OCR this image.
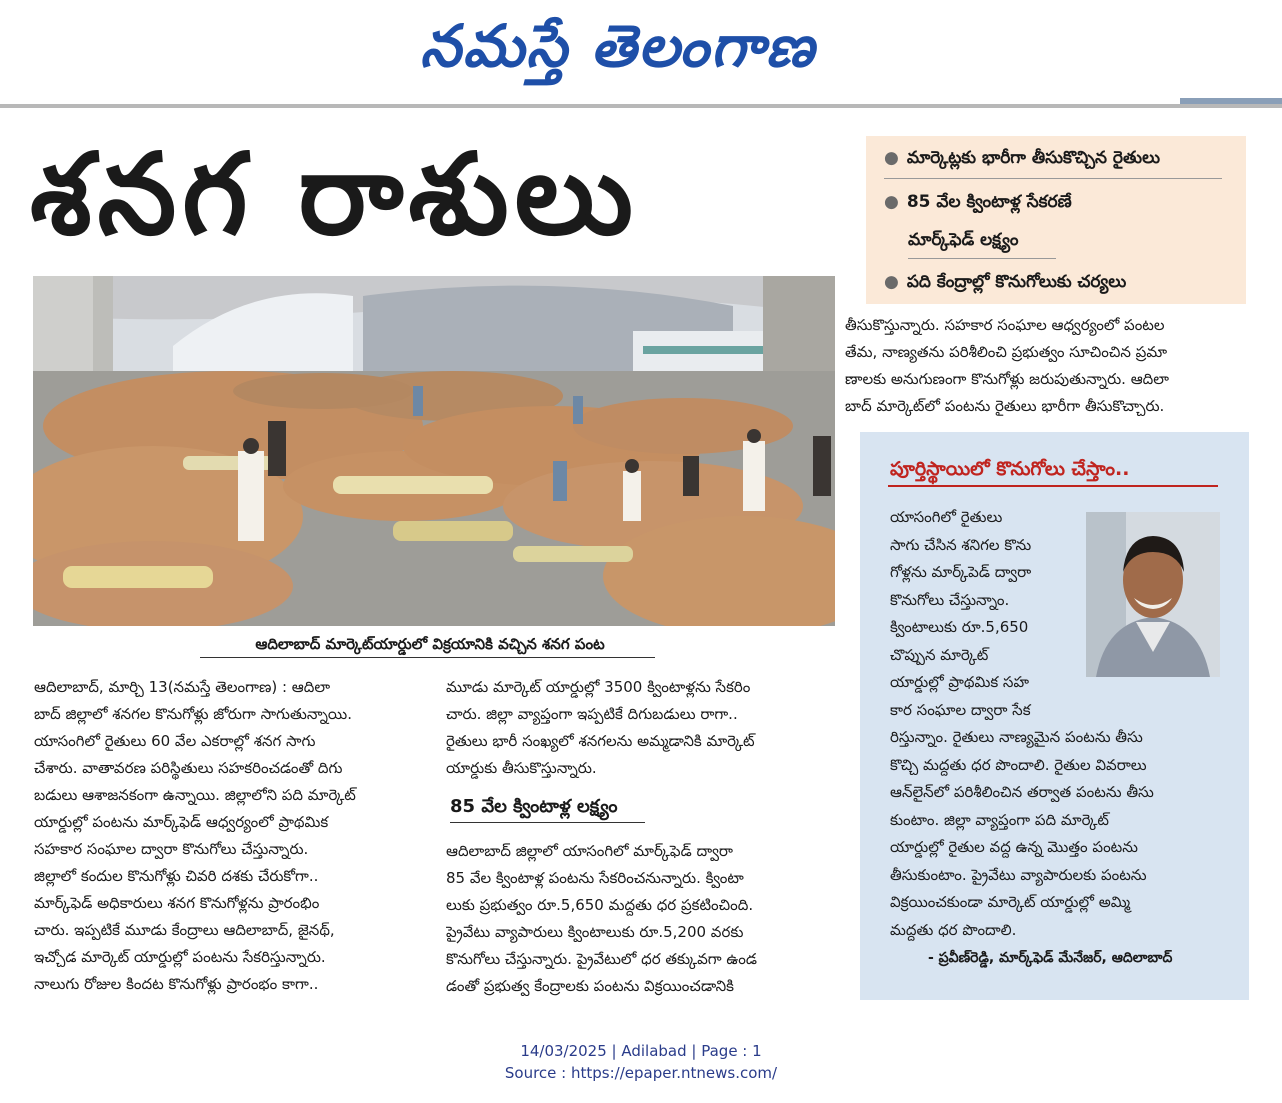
నమస్తే తెలంగాణ
శనగ రాశులు	● మార్కెట్లకు భారీగా తీసుకొచ్చిన రైతులు
● 85 వేల క్వింటాళ్ల సేకరణే
మార్క్‌ఫెడ్ లక్ష్యం
● పది కేంద్రాల్లో కొనుగోలుకు చర్యలు
ఆదిలాబాద్ మార్కెట్‌యార్డులో విక్రయానికి వచ్చిన శనగ పంట

ఆదిలాబాద్, మార్చి 13(నమస్తే తెలంగాణ) : ఆదిలా

బాద్ జిల్లాలో శనగల కొనుగోళ్లు జోరుగా సాగుతున్నాయి.

యాసంగిలో రైతులు 60 వేల ఎకరాల్లో శనగ సాగు

చేశారు. వాతావరణ పరిస్థితులు సహకరించడంతో దిగు

బడులు ఆశాజనకంగా ఉన్నాయి. జిల్లాలోని పది మార్కెట్

యార్డుల్లో పంటను మార్క్‌ఫెడ్ ఆధ్వర్యంలో ప్రాథమిక

సహకార సంఘాల ద్వారా కొనుగోలు చేస్తున్నారు.

జిల్లాలో కందుల కొనుగోళ్లు చివరి దశకు చేరుకోగా..

మార్క్‌ఫెడ్ అధికారులు శనగ కొనుగోళ్లను ప్రారంభిం

చారు. ఇప్పటికే మూడు కేంద్రాలు ఆదిలాబాద్, జైనథ్,

ఇచ్చోడ మార్కెట్ యార్డుల్లో పంటను సేకరిస్తున్నారు.

నాలుగు రోజుల కిందట కొనుగోళ్లు ప్రారంభం కాగా..

మూడు మార్కెట్ యార్డుల్లో 3500 క్వింటాళ్లను సేకరిం

చారు. జిల్లా వ్యాప్తంగా ఇప్పటికే దిగుబడులు రాగా..

రైతులు భారీ సంఖ్యలో శనగలను అమ్మడానికి మార్కెట్

యార్డుకు తీసుకొస్తున్నారు.

85 వేల క్వింటాళ్ల లక్ష్యం

ఆదిలాబాద్ జిల్లాలో యాసంగిలో మార్క్‌ఫెడ్ ద్వారా

85 వేల క్వింటాళ్ల పంటను సేకరించనున్నారు. క్వింటా

లుకు ప్రభుత్వం రూ.5,650 మద్దతు ధర ప్రకటించింది.

ప్రైవేటు వ్యాపారులు క్వింటాలుకు రూ.5,200 వరకు

కొనుగోలు చేస్తున్నారు. ప్రైవేటులో ధర తక్కువగా ఉండ

డంతో ప్రభుత్వ కేంద్రాలకు పంటను విక్రయించడానికి

తీసుకొస్తున్నారు. సహకార సంఘాల ఆధ్వర్యంలో పంటల

తేమ, నాణ్యతను పరిశీలించి ప్రభుత్వం సూచించిన ప్రమా

ణాలకు అనుగుణంగా కొనుగోళ్లు జరుపుతున్నారు. ఆదిలా

బాద్ మార్కెట్‌లో పంటను రైతులు భారీగా తీసుకొచ్చారు.

పూర్తిస్థాయిలో కొనుగోలు చేస్తాం..

యాసంగిలో రైతులు

సాగు చేసిన శనిగల కొను

గోళ్లను మార్క్‌పెడ్ ద్వారా

కొనుగోలు చేస్తున్నాం.

క్వింటాలుకు రూ.5,650

చొప్పున మార్కెట్

యార్డుల్లో ప్రాథమిక సహ

కార సంఘాల ద్వారా సేక

రిస్తున్నాం. రైతులు నాణ్యమైన పంటను తీసు

కొచ్చి మద్దతు ధర పొందాలి. రైతుల వివరాలు

ఆన్‌లైన్‌లో పరిశీలించిన తర్వాత పంటను తీసు

కుంటాం. జిల్లా వ్యాప్తంగా పది మార్కెట్

యార్డుల్లో రైతుల వద్ద ఉన్న మొత్తం పంటను

తీసుకుంటాం. ప్రైవేటు వ్యాపారులకు పంటను

విక్రయించకుండా మార్కెట్ యార్డుల్లో అమ్మి

మద్దతు ధర పొందాలి.

- ప్రవీణ్‌రెడ్డి, మార్క్‌ఫెడ్ మేనేజర్, ఆదిలాబాద్
14/03/2025 | Adilabad | Page : 1
Source : https://epaper.ntnews.com/
